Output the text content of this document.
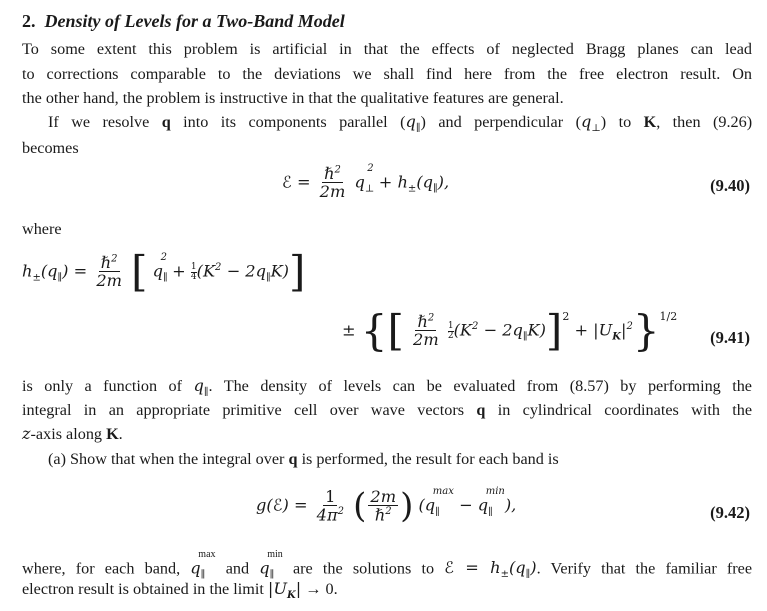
2. Density of Levels for a Two-Band Model
To some extent this problem is artificial in that the effects of neglected Bragg planes can lead
to corrections comparable to the deviations we shall find here from the free electron result. On
the other hand, the problem is instructive in that the qualitative features are general.
If we resolve q into its components parallel $(q_\parallel)$ and perpendicular $(q_\perp)$ to K, then (9.26)
becomes
ℰ = $\frac{\hbar^2}{2m} q_\perp^2 + h_\pm(q_\parallel)$,	(9.40)
where
$h_\pm(q_\parallel) = \frac{\hbar^2}{2m}$ [ $q_\parallel^2 + \frac{1}{4} (K^2 - 2q_\parallel K)$]
± {[ $\frac{\hbar^2}{2m}$
$\frac{1}{2} (K^2 - 2q_\parallel K)]^2 + |U_K|^2\}^{1/2}$
(9.41)
is only a function of $q_\parallel$. The density of levels can be evaluated from (8.57) by performing the
integral in an appropriate primitive cell over wave vectors q in cylindrical coordinates with the
z-axis along K.
(a) Show that when the integral over q is performed, the result for each band is
g(ℰ) = $\frac{1}{4\pi^2}$ ( $\frac{2m}{\hbar^2}$ ) $(q_\parallel^{max} - q_\parallel^{min})$,	(9.42)
where, for each band, $q_\parallel^{max}$ and $q_\parallel^{min}$ are the solutions to ℰ = $h_\pm(q_\parallel)$. Verify that the familiar free
electron result is obtained in the limit $|U_K| \to 0$.
